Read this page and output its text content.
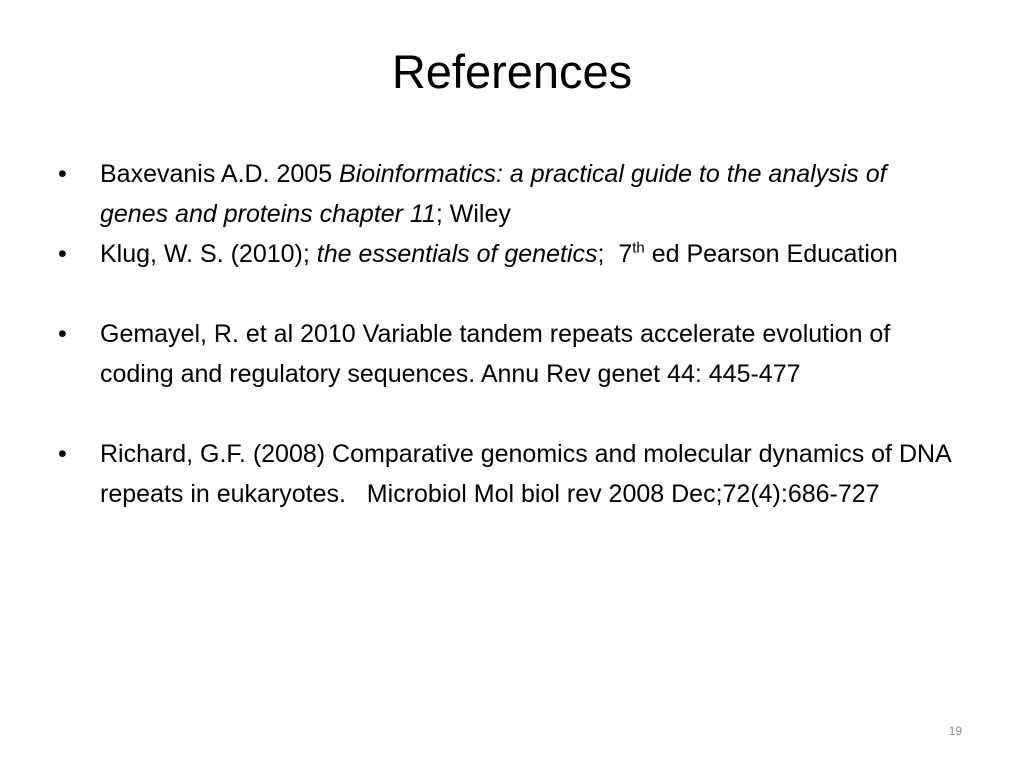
References
• Baxevanis A.D. 2005 Bioinformatics: a practical guide to the analysis of genes and proteins chapter 11; Wiley
• Klug, W. S. (2010); the essentials of genetics;  7th ed Pearson Education
• Gemayel, R. et al 2010 Variable tandem repeats accelerate evolution of coding and regulatory sequences. Annu Rev genet 44: 445-477
• Richard, G.F. (2008) Comparative genomics and molecular dynamics of DNA repeats in eukaryotes.   Microbiol Mol biol rev 2008 Dec;72(4):686-727
19
